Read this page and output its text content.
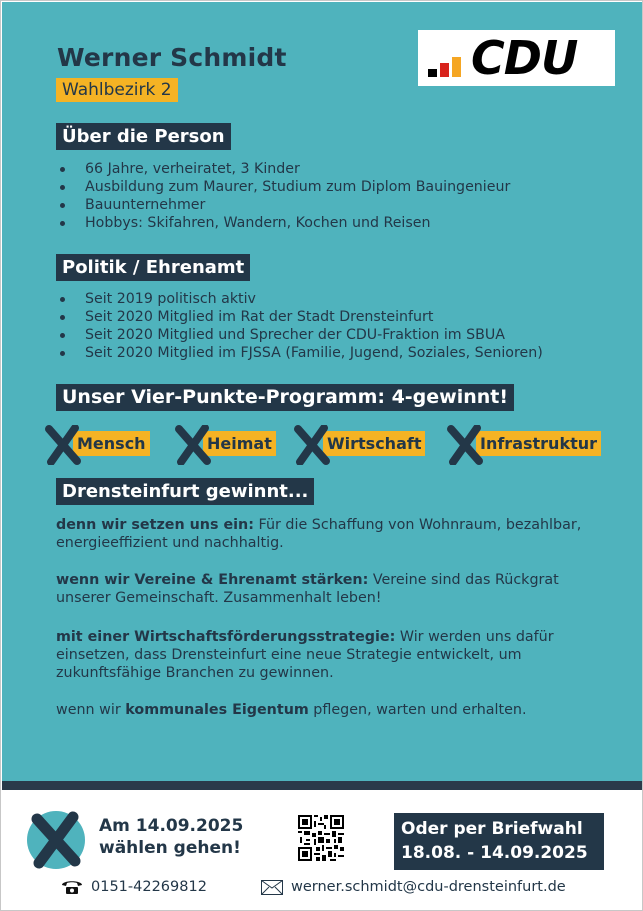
Werner Schmidt
Wahlbezirk 2
CDU
Über die Person
66 Jahre, verheiratet, 3 Kinder
Ausbildung zum Maurer, Studium zum Diplom Bauingenieur
Bauunternehmer
Hobbys: Skifahren, Wandern, Kochen und Reisen
Politik / Ehrenamt
Seit 2019 politisch aktiv
Seit 2020 Mitglied im Rat der Stadt Drensteinfurt
Seit 2020 Mitglied und Sprecher der CDU-Fraktion im SBUA
Seit 2020 Mitglied im FJSSA (Familie, Jugend, Soziales, Senioren)
Unser Vier-Punkte-Programm: 4-gewinnt!
Mensch	Heimat	Wirtschaft	Infrastruktur
Drensteinfurt gewinnt...
denn wir setzen uns ein: Für die Schaffung von Wohnraum, bezahlbar, energieeffizient und nachhaltig.
wenn wir Vereine & Ehrenamt stärken: Vereine sind das Rückgrat unserer Gemeinschaft. Zusammenhalt leben!
mit einer Wirtschaftsförderungsstrategie: Wir werden uns dafür einsetzen, dass Drensteinfurt eine neue Strategie entwickelt, um zukunftsfähige Branchen zu gewinnen.
wenn wir kommunales Eigentum pflegen, warten und erhalten.
Am 14.09.2025
wählen gehen!
Oder per Briefwahl
18.08. - 14.09.2025
0151-42269812	werner.schmidt@cdu-drensteinfurt.de
